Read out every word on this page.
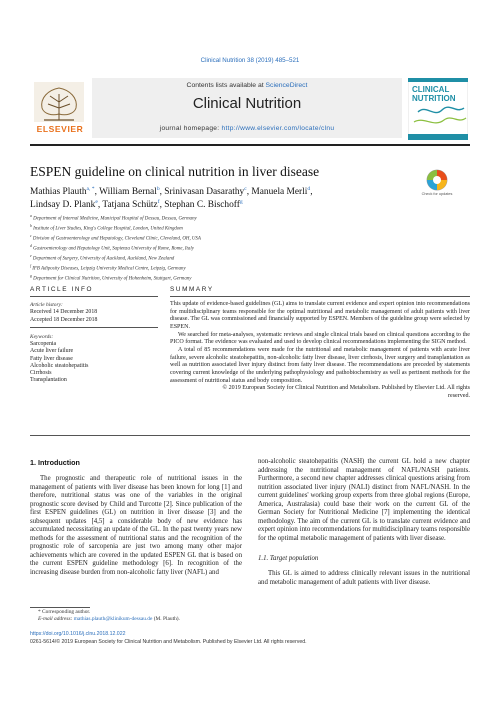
Clinical Nutrition 38 (2019) 485–521
ELSEVIER
Contents lists available at ScienceDirect
Clinical Nutrition
journal homepage: http://www.elsevier.com/locate/clnu
CLINICAL
NUTRITION
ESPEN guideline on clinical nutrition in liver disease
Check for updates
Mathias Plauth$^{a, *}$, William Bernal$^b$, Srinivasan Dasarathy$^c$, Manuela Merli$^d$,
Lindsay D. Plank$^e$, Tatjana Schütz$^f$, Stephan C. Bischoff$^g$
$^a$ Department of Internal Medicine, Municipal Hospital of Dessau, Dessau, Germany
$^b$ Institute of Liver Studies, King's College Hospital, London, United Kingdom
$^c$ Division of Gastroenterology and Hepatology, Cleveland Clinic, Cleveland, OH, USA
$^d$ Gastroenterology and Hepatology Unit, Sapienza University of Rome, Rome, Italy
$^e$ Department of Surgery, University of Auckland, Auckland, New Zealand
$^f$ IFB Adiposity Diseases, Leipzig University Medical Centre, Leipzig, Germany
$^g$ Department for Clinical Nutrition, University of Hohenheim, Stuttgart, Germany
ARTICLE INFO
Article history:
Received 14 December 2018
Accepted 18 December 2018
Keywords:
Sarcopenia
Acute liver failure
Fatty liver disease
Alcoholic steatohepatitis
Cirrhosis
Transplantation
SUMMARY

This update of evidence-based guidelines (GL) aims to translate current evidence and expert opinion into recommendations for multidisciplinary teams responsible for the optimal nutritional and metabolic management of adult patients with liver disease. The GL was commissioned and financially supported by ESPEN. Members of the guideline group were selected by ESPEN.

We searched for meta-analyses, systematic reviews and single clinical trials based on clinical questions according to the PICO format. The evidence was evaluated and used to develop clinical recommendations implementing the SIGN method.

A total of 85 recommendations were made for the nutritional and metabolic management of patients with acute liver failure, severe alcoholic steatohepatitis, non-alcoholic fatty liver disease, liver cirrhosis, liver surgery and transplantation as well as nutrition associated liver injury distinct from fatty liver disease. The recommendations are preceded by statements covering current knowledge of the underlying pathophysiology and pathobiochemistry as well as pertinent methods for the assessment of nutritional status and body composition.

© 2019 European Society for Clinical Nutrition and Metabolism. Published by Elsevier Ltd. All rights
reserved.
1. Introduction

The prognostic and therapeutic role of nutritional issues in the management of patients with liver disease has been known for long [1] and therefore, nutritional status was one of the variables in the original prognostic score devised by Child and Turcotte [2]. Since publication of the first ESPEN guidelines (GL) on nutrition in liver disease [3] and the subsequent updates [4,5] a considerable body of new evidence has accumulated necessitating an update of the GL. In the past twenty years new methods for the assessment of nutritional status and the recognition of the prognostic role of sarcopenia are just two among many other major achievements which are covered in the updated ESPEN GL that is based on the current ESPEN guideline methodology [6]. In recognition of the increasing disease burden from non-alcoholic fatty liver (NAFL) and

non-alcoholic steatohepatitis (NASH) the current GL hold a new chapter addressing the nutritional management of NAFL/NASH patients. Furthermore, a second new chapter addresses clinical questions arising from nutrition associated liver injury (NALI) distinct from NAFL/NASH. In the current guidelines' working group experts from three global regions (Europe, America, Australasia) could base their work on the current GL of the German Society for Nutritional Medicine [7] implementing the identical methodology. The aim of the current GL is to translate current evidence and expert opinion into recommendations for multidisciplinary teams responsible for the optimal metabolic management of patients with liver disease.

1.1. Target population

This GL is aimed to address clinically relevant issues in the nutritional and metabolic management of adult patients with liver disease.

* Corresponding author.
E-mail address: mathias.plauth@klinikum-dessau.de (M. Plauth).
https://doi.org/10.1016/j.clnu.2018.12.022
0261-5614/© 2019 European Society for Clinical Nutrition and Metabolism. Published by Elsevier Ltd. All rights reserved.
